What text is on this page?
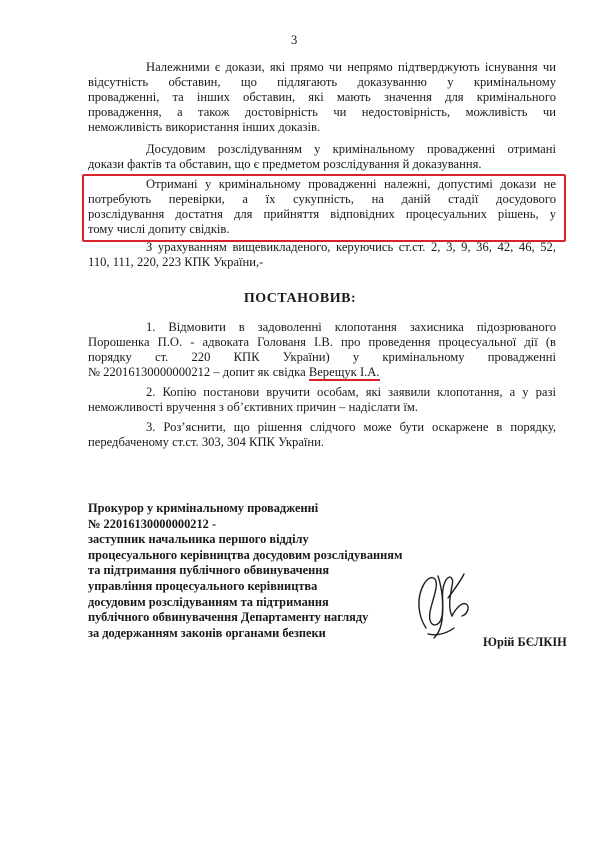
3
Належними є докази, які прямо чи непрямо підтверджують існування чи
відсутність обставин, що підлягають доказуванню у кримінальному
провадженні, та інших обставин, які мають значення для кримінального
провадження, а також достовірність чи недостовірність, можливість чи
неможливість використання інших доказів.
Досудовим розслідуванням у кримінальному провадженні отримані
докази фактів та обставин, що є предметом розслідування й доказування.
Отримані у кримінальному провадженні належні, допустимі докази не
потребують перевірки, а їх сукупність, на даній стадії досудового
розслідування достатня для прийняття відповідних процесуальних рішень, у
тому числі допиту свідків.
З урахуванням вищевикладеного, керуючись ст.ст. 2, 3, 9, 36, 42, 46, 52,
110, 111, 220, 223 КПК України,-
ПОСТАНОВИВ:
1. Відмовити в задоволенні клопотання захисника підозрюваного
Порошенка П.О. - адвоката Голованя І.В. про проведення процесуальної дії (в
порядку ст. 220 КПК України) у кримінальному провадженні
№ 22016130000000212 – допит як свідка Верещук І.А.
2. Копію постанови вручити особам, які заявили клопотання, а у разі
неможливості вручення з об’єктивних причин – надіслати їм.
3. Роз’яснити, що рішення слідчого може бути оскаржене в порядку,
передбаченому ст.ст. 303, 304 КПК України.
Прокурор у кримінальному провадженні
№ 22016130000000212 -
заступник начальника першого відділу
процесуального керівництва досудовим розслідуванням
та підтримання публічного обвинувачення
управління процесуального керівництва
досудовим розслідуванням та підтримання
публічного обвинувачення Департаменту нагляду
за додержанням законів органами безпеки
Юрій БЄЛКІН
